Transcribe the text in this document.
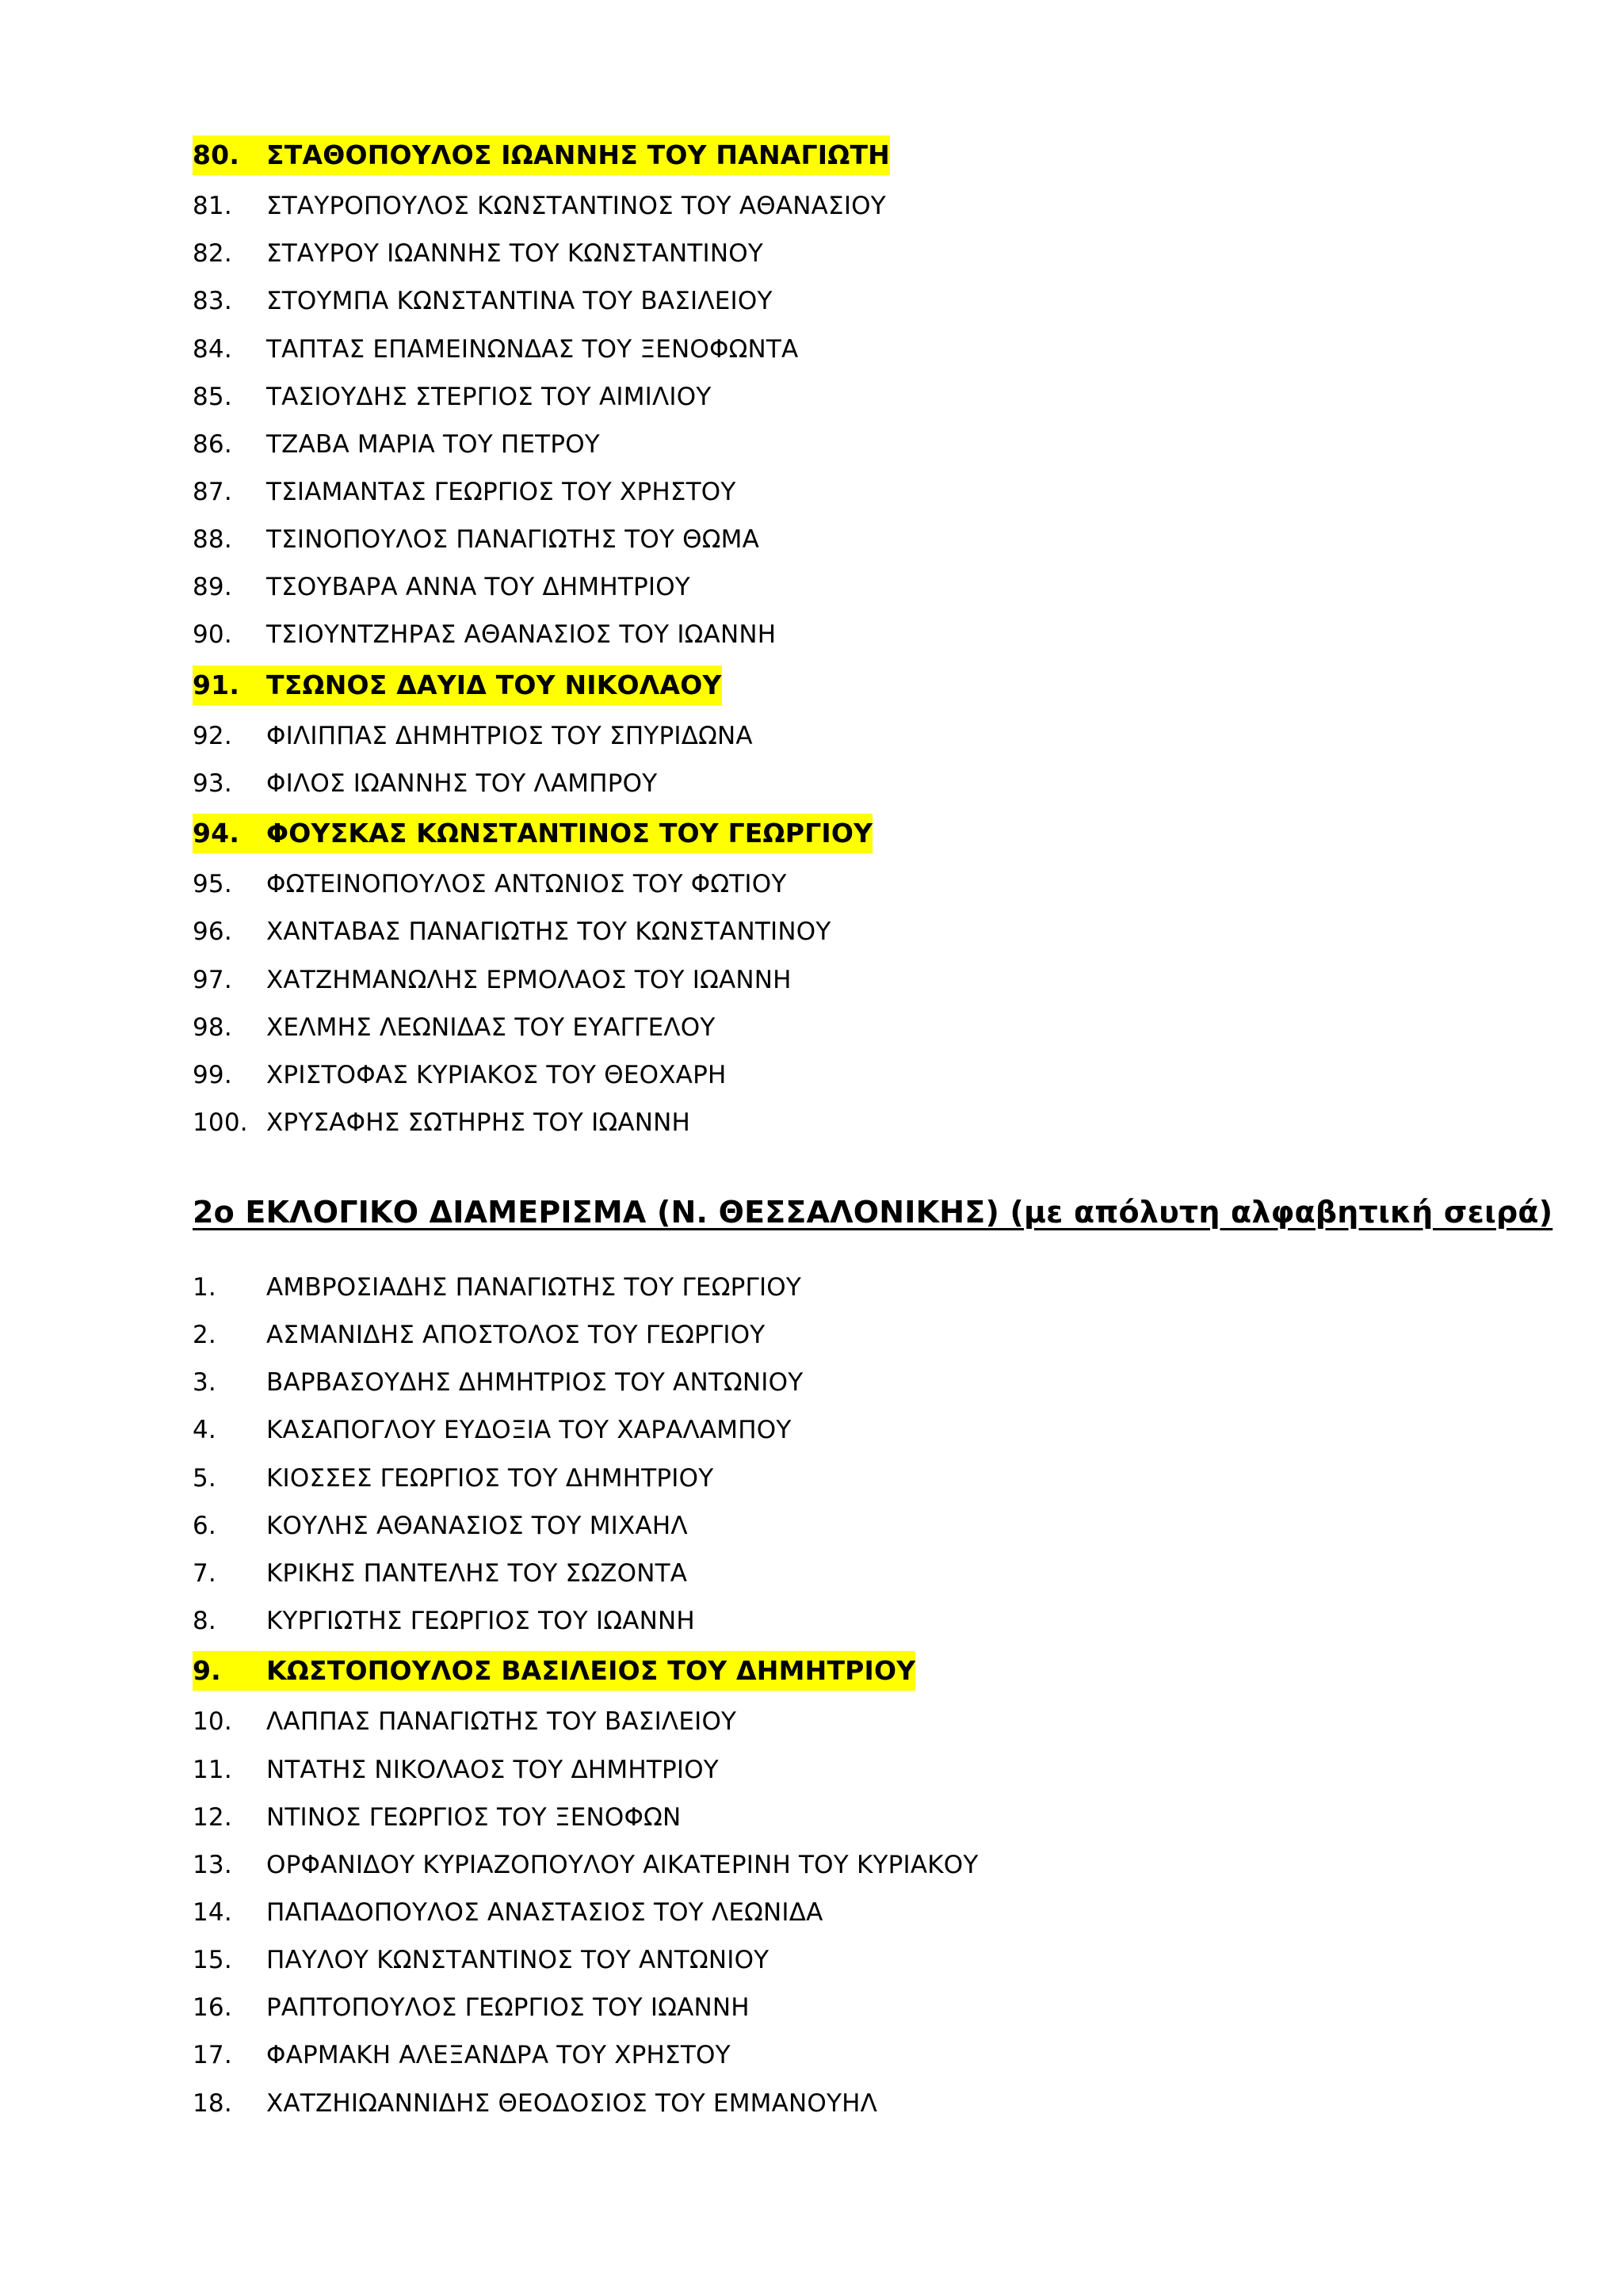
80. ΣΤΑΘΟΠΟΥΛΟΣ ΙΩΑΝΝΗΣ ΤΟΥ ΠΑΝΑΓΙΩΤΗ
81. ΣΤΑΥΡΟΠΟΥΛΟΣ ΚΩΝΣΤΑΝΤΙΝΟΣ ΤΟΥ ΑΘΑΝΑΣΙΟΥ
82. ΣΤΑΥΡΟΥ ΙΩΑΝΝΗΣ ΤΟΥ ΚΩΝΣΤΑΝΤΙΝΟΥ
83. ΣΤΟΥΜΠΑ ΚΩΝΣΤΑΝΤΙΝΑ ΤΟΥ ΒΑΣΙΛΕΙΟΥ
84. ΤΑΠΤΑΣ ΕΠΑΜΕΙΝΩΝΔΑΣ ΤΟΥ ΞΕΝΟΦΩΝΤΑ
85. ΤΑΣΙΟΥΔΗΣ ΣΤΕΡΓΙΟΣ ΤΟΥ ΑΙΜΙΛΙΟΥ
86. ΤΖΑΒΑ ΜΑΡΙΑ ΤΟΥ ΠΕΤΡΟΥ
87. ΤΣΙΑΜΑΝΤΑΣ ΓΕΩΡΓΙΟΣ ΤΟΥ ΧΡΗΣΤΟΥ
88. ΤΣΙΝΟΠΟΥΛΟΣ ΠΑΝΑΓΙΩΤΗΣ ΤΟΥ ΘΩΜΑ
89. ΤΣΟΥΒΑΡΑ ΑΝΝΑ ΤΟΥ ΔΗΜΗΤΡΙΟΥ
90. ΤΣΙΟΥΝΤΖΗΡΑΣ ΑΘΑΝΑΣΙΟΣ ΤΟΥ ΙΩΑΝΝΗ
91. ΤΣΩΝΟΣ ΔΑΥΙΔ ΤΟΥ ΝΙΚΟΛΑΟΥ
92. ΦΙΛΙΠΠΑΣ ΔΗΜΗΤΡΙΟΣ ΤΟΥ ΣΠΥΡΙΔΩΝΑ
93. ΦΙΛΟΣ ΙΩΑΝΝΗΣ ΤΟΥ ΛΑΜΠΡΟΥ
94. ΦΟΥΣΚΑΣ ΚΩΝΣΤΑΝΤΙΝΟΣ ΤΟΥ ΓΕΩΡΓΙΟΥ
95. ΦΩΤΕΙΝΟΠΟΥΛΟΣ ΑΝΤΩΝΙΟΣ ΤΟΥ ΦΩΤΙΟΥ
96. ΧΑΝΤΑΒΑΣ ΠΑΝΑΓΙΩΤΗΣ ΤΟΥ ΚΩΝΣΤΑΝΤΙΝΟΥ
97. ΧΑΤΖΗΜΑΝΩΛΗΣ ΕΡΜΟΛΑΟΣ ΤΟΥ ΙΩΑΝΝΗ
98. ΧΕΛΜΗΣ ΛΕΩΝΙΔΑΣ ΤΟΥ ΕΥΑΓΓΕΛΟΥ
99. ΧΡΙΣΤΟΦΑΣ ΚΥΡΙΑΚΟΣ ΤΟΥ ΘΕΟΧΑΡΗ
100. ΧΡΥΣΑΦΗΣ ΣΩΤΗΡΗΣ ΤΟΥ ΙΩΑΝΝΗ
2ο ΕΚΛΟΓΙΚΟ ΔΙΑΜΕΡΙΣΜΑ (Ν. ΘΕΣΣΑΛΟΝΙΚΗΣ) (με απόλυτη αλφαβητική σειρά)
1. ΑΜΒΡΟΣΙΑΔΗΣ ΠΑΝΑΓΙΩΤΗΣ ΤΟΥ ΓΕΩΡΓΙΟΥ
2. ΑΣΜΑΝΙΔΗΣ ΑΠΟΣΤΟΛΟΣ ΤΟΥ ΓΕΩΡΓΙΟΥ
3. ΒΑΡΒΑΣΟΥΔΗΣ ΔΗΜΗΤΡΙΟΣ ΤΟΥ ΑΝΤΩΝΙΟΥ
4. ΚΑΣΑΠΟΓΛΟΥ ΕΥΔΟΞΙΑ ΤΟΥ ΧΑΡΑΛΑΜΠΟΥ
5. ΚΙΟΣΣΕΣ ΓΕΩΡΓΙΟΣ ΤΟΥ ΔΗΜΗΤΡΙΟΥ
6. ΚΟΥΛΗΣ ΑΘΑΝΑΣΙΟΣ ΤΟΥ ΜΙΧΑΗΛ
7. ΚΡΙΚΗΣ ΠΑΝΤΕΛΗΣ ΤΟΥ ΣΩΖΟΝΤΑ
8. ΚΥΡΓΙΩΤΗΣ ΓΕΩΡΓΙΟΣ ΤΟΥ ΙΩΑΝΝΗ
9. ΚΩΣΤΟΠΟΥΛΟΣ ΒΑΣΙΛΕΙΟΣ ΤΟΥ ΔΗΜΗΤΡΙΟΥ
10. ΛΑΠΠΑΣ ΠΑΝΑΓΙΩΤΗΣ ΤΟΥ ΒΑΣΙΛΕΙΟΥ
11. ΝΤΑΤΗΣ ΝΙΚΟΛΑΟΣ ΤΟΥ ΔΗΜΗΤΡΙΟΥ
12. ΝΤΙΝΟΣ ΓΕΩΡΓΙΟΣ ΤΟΥ ΞΕΝΟΦΩΝ
13. ΟΡΦΑΝΙΔΟΥ ΚΥΡΙΑΖΟΠΟΥΛΟΥ ΑΙΚΑΤΕΡΙΝΗ ΤΟΥ ΚΥΡΙΑΚΟΥ
14. ΠΑΠΑΔΟΠΟΥΛΟΣ ΑΝΑΣΤΑΣΙΟΣ ΤΟΥ ΛΕΩΝΙΔΑ
15. ΠΑΥΛΟΥ ΚΩΝΣΤΑΝΤΙΝΟΣ ΤΟΥ ΑΝΤΩΝΙΟΥ
16. ΡΑΠΤΟΠΟΥΛΟΣ ΓΕΩΡΓΙΟΣ ΤΟΥ ΙΩΑΝΝΗ
17. ΦΑΡΜΑΚΗ ΑΛΕΞΑΝΔΡΑ ΤΟΥ ΧΡΗΣΤΟΥ
18. ΧΑΤΖΗΙΩΑΝΝΙΔΗΣ ΘΕΟΔΟΣΙΟΣ ΤΟΥ ΕΜΜΑΝΟΥΗΛ
